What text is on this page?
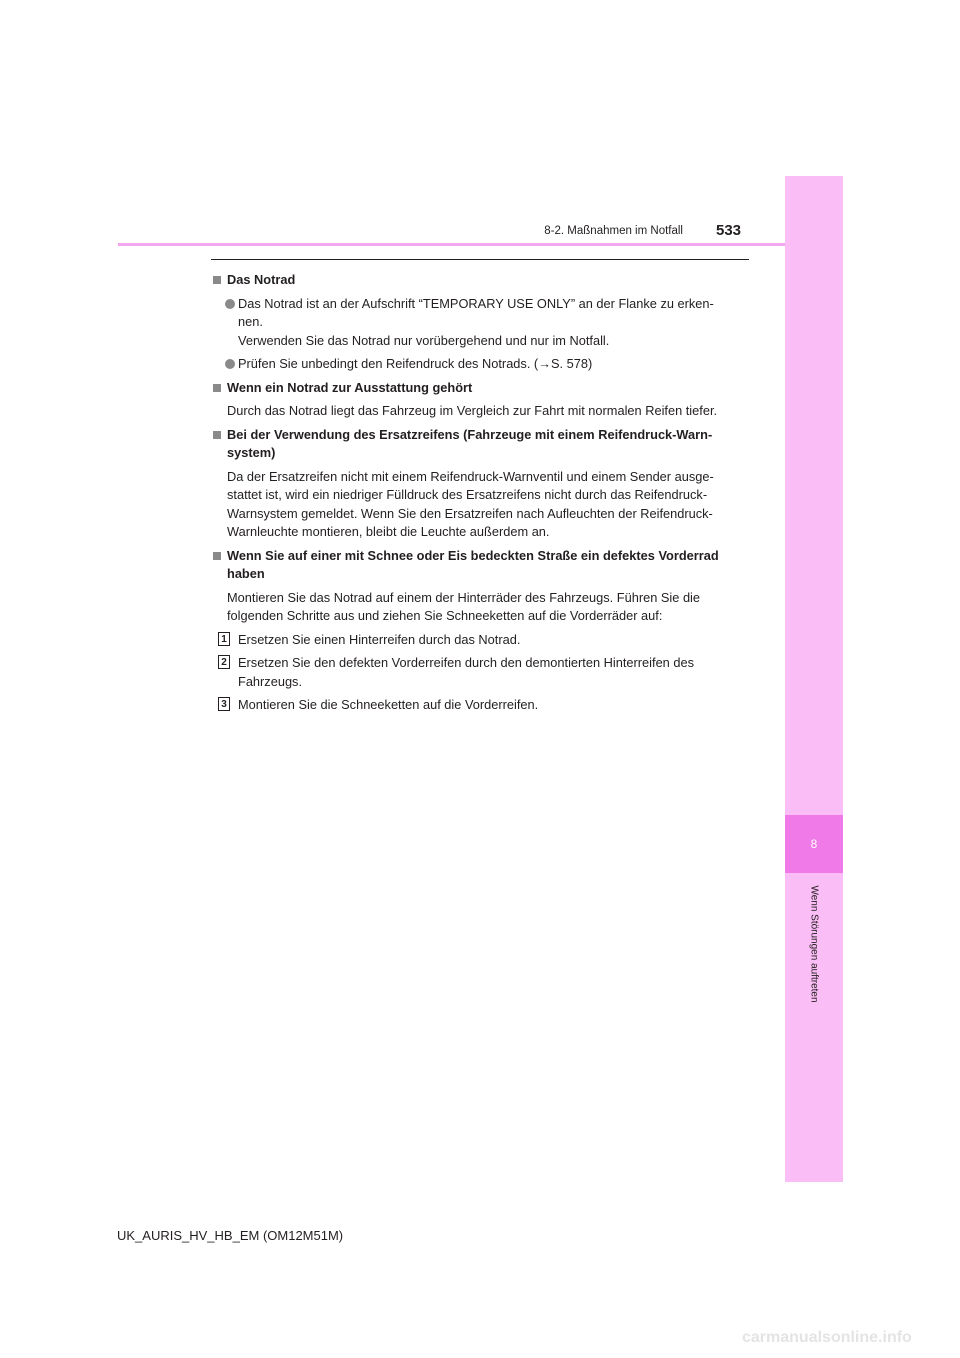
8
Wenn Störungen auftreten
8-2. Maßnahmen im Notfall 533
Das Notrad
Das Notrad ist an der Aufschrift “TEMPORARY USE ONLY” an der Flanke zu erken-
nen.
Verwenden Sie das Notrad nur vorübergehend und nur im Notfall.
Prüfen Sie unbedingt den Reifendruck des Notrads. (→S. 578)
Wenn ein Notrad zur Ausstattung gehört
Durch das Notrad liegt das Fahrzeug im Vergleich zur Fahrt mit normalen Reifen tiefer.
Bei der Verwendung des Ersatzreifens (Fahrzeuge mit einem Reifendruck-Warn-
system)
Da der Ersatzreifen nicht mit einem Reifendruck-Warnventil und einem Sender ausge-
stattet ist, wird ein niedriger Fülldruck des Ersatzreifens nicht durch das Reifendruck-
Warnsystem gemeldet. Wenn Sie den Ersatzreifen nach Aufleuchten der Reifendruck-
Warnleuchte montieren, bleibt die Leuchte außerdem an.
Wenn Sie auf einer mit Schnee oder Eis bedeckten Straße ein defektes Vorderrad
haben
Montieren Sie das Notrad auf einem der Hinterräder des Fahrzeugs. Führen Sie die
folgenden Schritte aus und ziehen Sie Schneeketten auf die Vorderräder auf:
1 Ersetzen Sie einen Hinterreifen durch das Notrad.
2 Ersetzen Sie den defekten Vorderreifen durch den demontierten Hinterreifen des
Fahrzeugs.
3 Montieren Sie die Schneeketten auf die Vorderreifen.
UK_AURIS_HV_HB_EM (OM12M51M)
carmanualsonline.info
